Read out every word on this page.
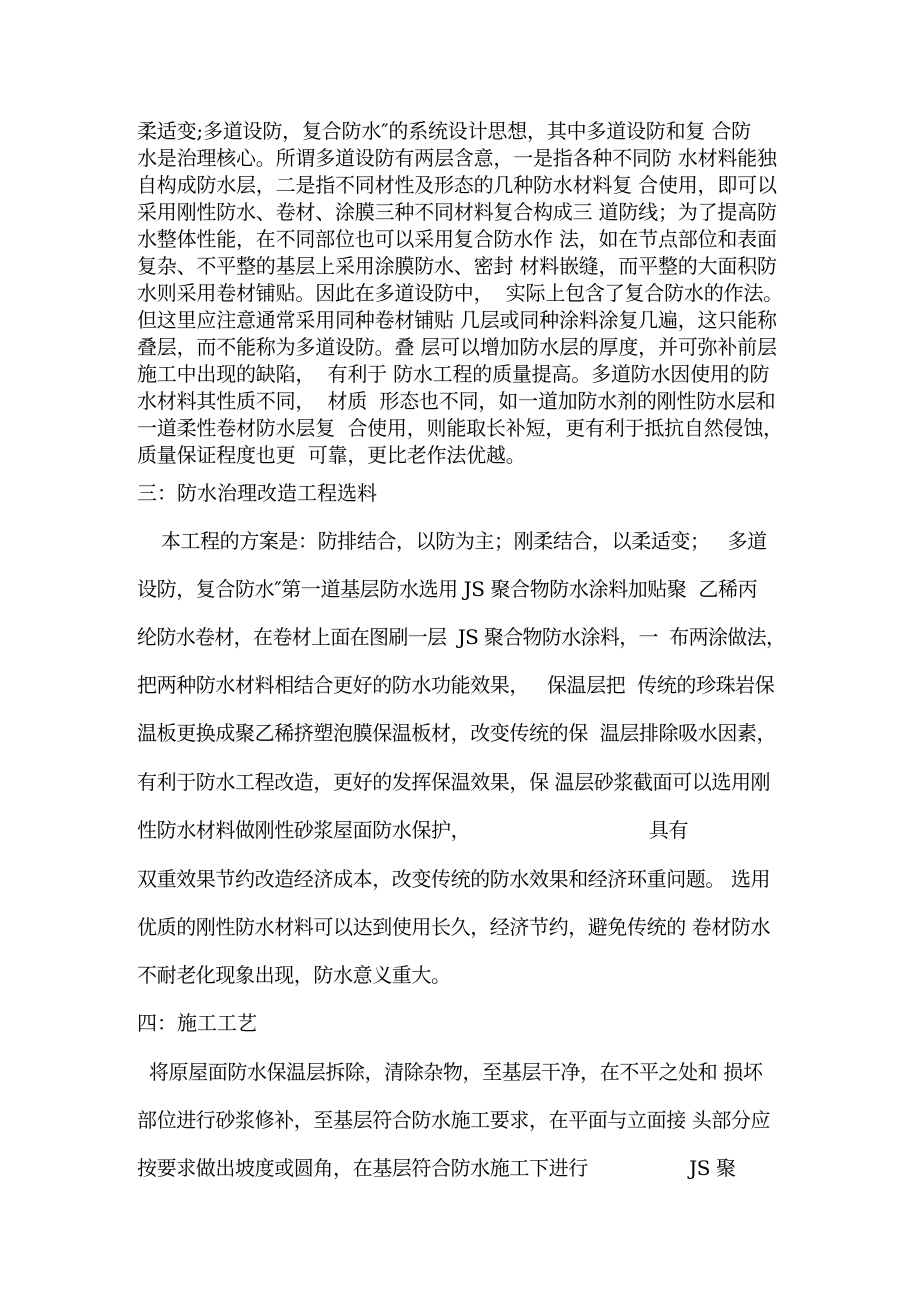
柔适变;多道设防，复合防水″的系统设计思想，其中多道设防和复 合防
水是治理核心。所谓多道设防有两层含意，一是指各种不同防 水材料能独
自构成防水层，二是指不同材性及形态的几种防水材料复 合使用，即可以
采用刚性防水、卷材、涂膜三种不同材料复合构成三 道防线；为了提高防
水整体性能，在不同部位也可以采用复合防水作 法，如在节点部位和表面
复杂、不平整的基层上采用涂膜防水、密封 材料嵌缝，而平整的大面积防
水则采用卷材铺贴。因此在多道设防中，  实际上包含了复合防水的作法。
但这里应注意通常采用同种卷材铺贴 几层或同种涂料涂复几遍，这只能称
叠层，而不能称为多道设防。叠 层可以增加防水层的厚度，并可弥补前层
施工中出现的缺陷，  有利于 防水工程的质量提高。多道防水因使用的防
水材料其性质不同，  材质  形态也不同，如一道加防水剂的刚性防水层和
一道柔性卷材防水层复  合使用，则能取长补短，更有利于抵抗自然侵蚀，
质量保证程度也更  可靠，更比老作法优越。
三：防水治理改造工程选料
本工程的方案是：防排结合，以防为主；刚柔结合，以柔适变；   多道
设防，复合防水″第一道基层防水选用 JS 聚合物防水涂料加贴聚  乙稀丙
纶防水卷材，在卷材上面在图刷一层  JS 聚合物防水涂料，一  布两涂做法，
把两种防水材料相结合更好的防水功能效果，   保温层把  传统的珍珠岩保
温板更换成聚乙稀挤塑泡膜保温板材，改变传统的保  温层排除吸水因素，
有利于防水工程改造，更好的发挥保温效果，保 温层砂浆截面可以选用刚
性防水材料做刚性砂浆屋面防水保护，                              具有
双重效果节约改造经济成本，改变传统的防水效果和经济环重问题。 选用
优质的刚性防水材料可以达到使用长久，经济节约，避免传统的 卷材防水
不耐老化现象出现，防水意义重大。
四：施工工艺
将原屋面防水保温层拆除，清除杂物，至基层干净，在不平之处和 损坏
部位进行砂浆修补，至基层符合防水施工要求，在平面与立面接 头部分应
按要求做出坡度或圆角，在基层符合防水施工下进行                 JS 聚
